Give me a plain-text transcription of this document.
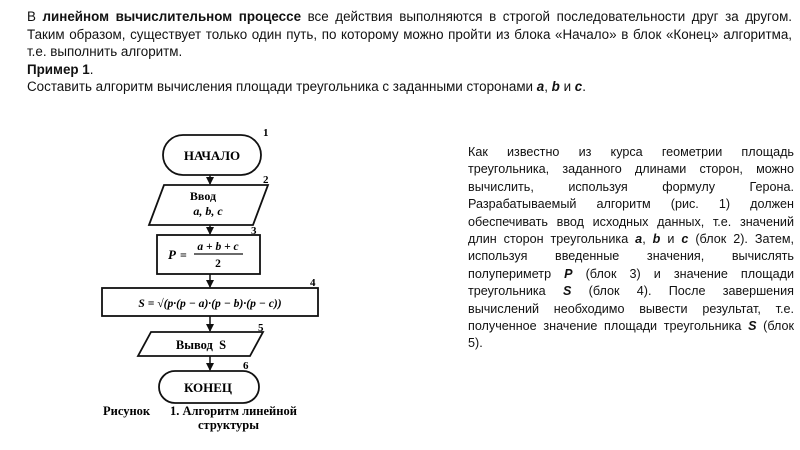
В линейном вычислительном процессе все действия выполняются в строгой последовательности друг за другом. Таким образом, существует только один путь, по которому можно пройти из блока «Начало» в блок «Конец» алгоритма, т.е. выполнить алгоритм.

Пример 1.

Составить алгоритм вычисления площади треугольника с заданными сторонами a, b и c.

НАЧАЛО
1
Ввод
a, b, c
2
P =
a + b + c
2
3
S = √(p·(p − a)·(p − b)·(p − c))
4
Вывод  S
5
КОНЕЦ
6
Рисунок 1. Алгоритм линейной
структуры
Как известно из курса геометрии площадь треугольника, заданного длинами сторон, можно вычислить, используя формулу Герона. Разрабатываемый алгоритм (рис. 1) должен обеспечивать ввод исходных данных, т.е. значений длин сторон треугольника a, b и c (блок 2). Затем, используя введенные значения, вычислять полупериметр P (блок 3) и значение площади треугольника S (блок 4). После завершения вычислений необходимо вывести результат, т.е. полученное значение площади треугольника S (блок 5).
